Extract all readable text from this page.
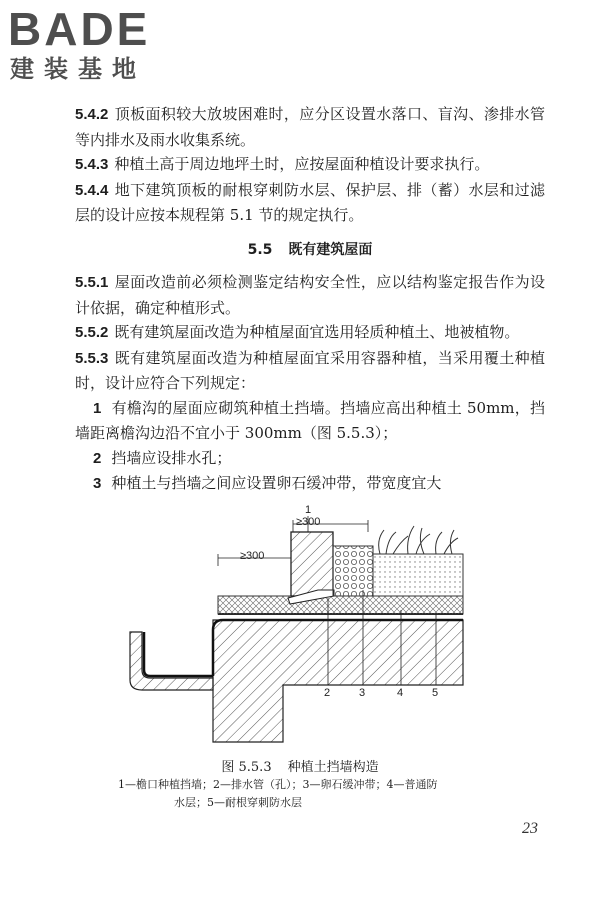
BADE
建装基地

5.4.2 顶板面积较大放坡困难时，应分区设置水落口、盲沟、渗排水管等内排水及雨水收集系统。

5.4.3 种植土高于周边地坪土时，应按屋面种植设计要求执行。

5.4.4 地下建筑顶板的耐根穿刺防水层、保护层、排（蓄）水层和过滤层的设计应按本规程第 5.1 节的规定执行。

5.5 既有建筑屋面

5.5.1 屋面改造前必须检测鉴定结构安全性，应以结构鉴定报告作为设计依据，确定种植形式。

5.5.2 既有建筑屋面改造为种植屋面宜选用轻质种植土、地被植物。

5.5.3 既有建筑屋面改造为种植屋面宜采用容器种植，当采用覆土种植时，设计应符合下列规定：

1 有檐沟的屋面应砌筑种植土挡墙。挡墙应高出种植土 50mm，挡墙距离檐沟边沿不宜小于 300mm（图 5.5.3）；

2 挡墙应设排水孔；

3 种植土与挡墙之间应设置卵石缓冲带，带宽度宜大

≥300
≥300
1
2	3	4	5
图 5.5.3 种植土挡墙构造
1—檐口种植挡墙；2—排水管（孔）；3—卵石缓冲带；4—普通防
水层；5—耐根穿刺防水层
23
